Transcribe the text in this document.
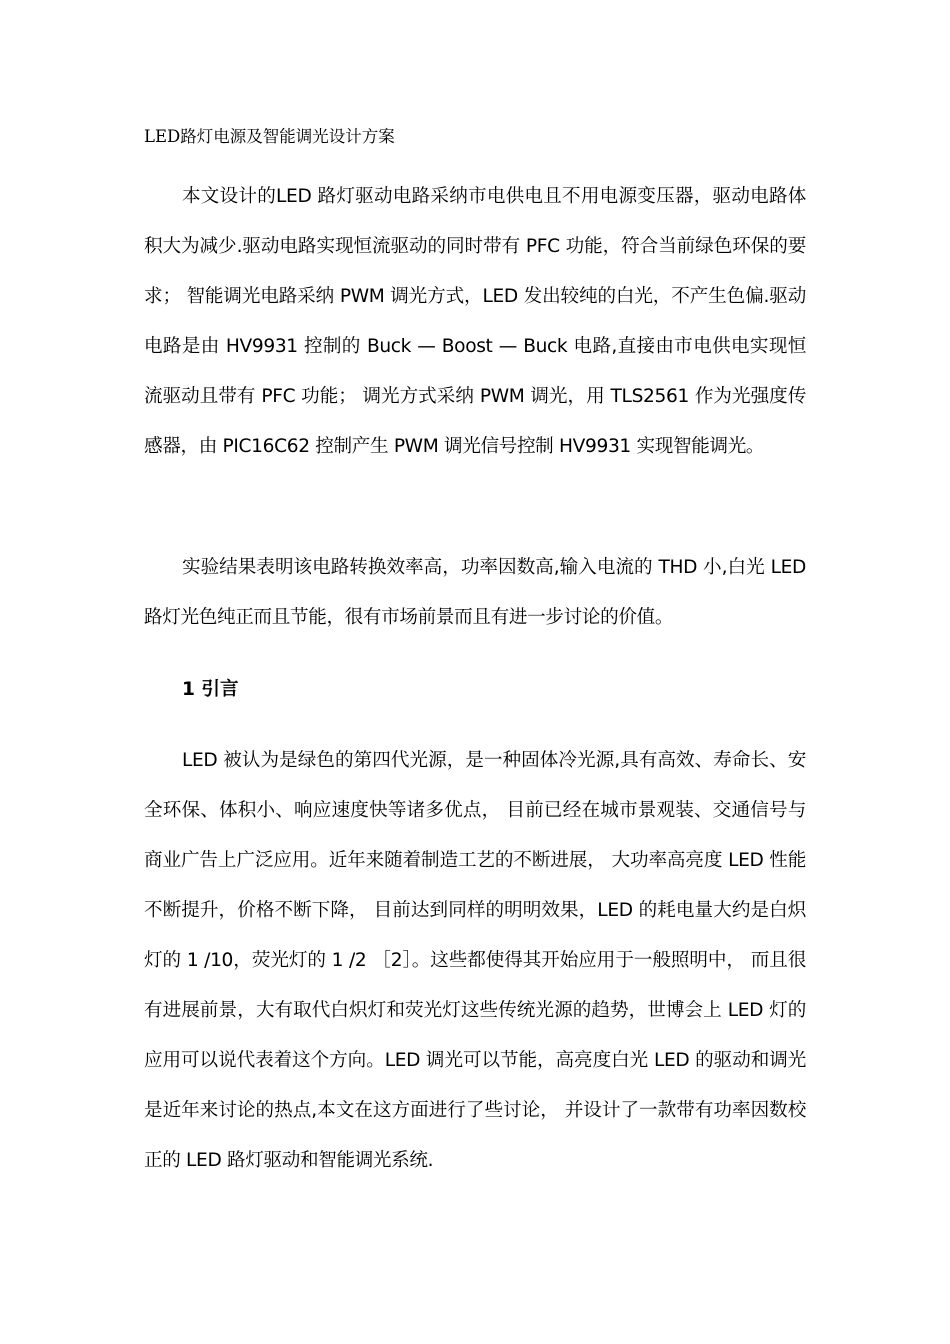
LED路灯电源及智能调光设计方案

本文设计的LED 路灯驱动电路采纳市电供电且不用电源变压器，驱动电路体积大为减少.驱动电路实现恒流驱动的同时带有 PFC 功能，符合当前绿色环保的要求； 智能调光电路采纳 PWM 调光方式，LED 发出较纯的白光，不产生色偏.驱动电路是由 HV9931 控制的 Buck — Boost — Buck 电路,直接由市电供电实现恒流驱动且带有 PFC 功能； 调光方式采纳 PWM 调光，用 TLS2561 作为光强度传感器，由 PIC16C62 控制产生 PWM 调光信号控制 HV9931 实现智能调光。

实验结果表明该电路转换效率高，功率因数高,输入电流的 THD 小,白光 LED 路灯光色纯正而且节能，很有市场前景而且有进一步讨论的价值。

1 引言

LED 被认为是绿色的第四代光源，是一种固体冷光源,具有高效、寿命长、安全环保、体积小、响应速度快等诸多优点， 目前已经在城市景观装、交通信号与商业广告上广泛应用。近年来随着制造工艺的不断进展， 大功率高亮度 LED 性能不断提升，价格不断下降， 目前达到同样的明明效果，LED 的耗电量大约是白炽灯的 1 /10，荧光灯的 1 /2 ［2］。这些都使得其开始应用于一般照明中， 而且很有进展前景，大有取代白炽灯和荧光灯这些传统光源的趋势，世博会上 LED 灯的应用可以说代表着这个方向。LED 调光可以节能，高亮度白光 LED 的驱动和调光是近年来讨论的热点,本文在这方面进行了些讨论， 并设计了一款带有功率因数校正的 LED 路灯驱动和智能调光系统.
